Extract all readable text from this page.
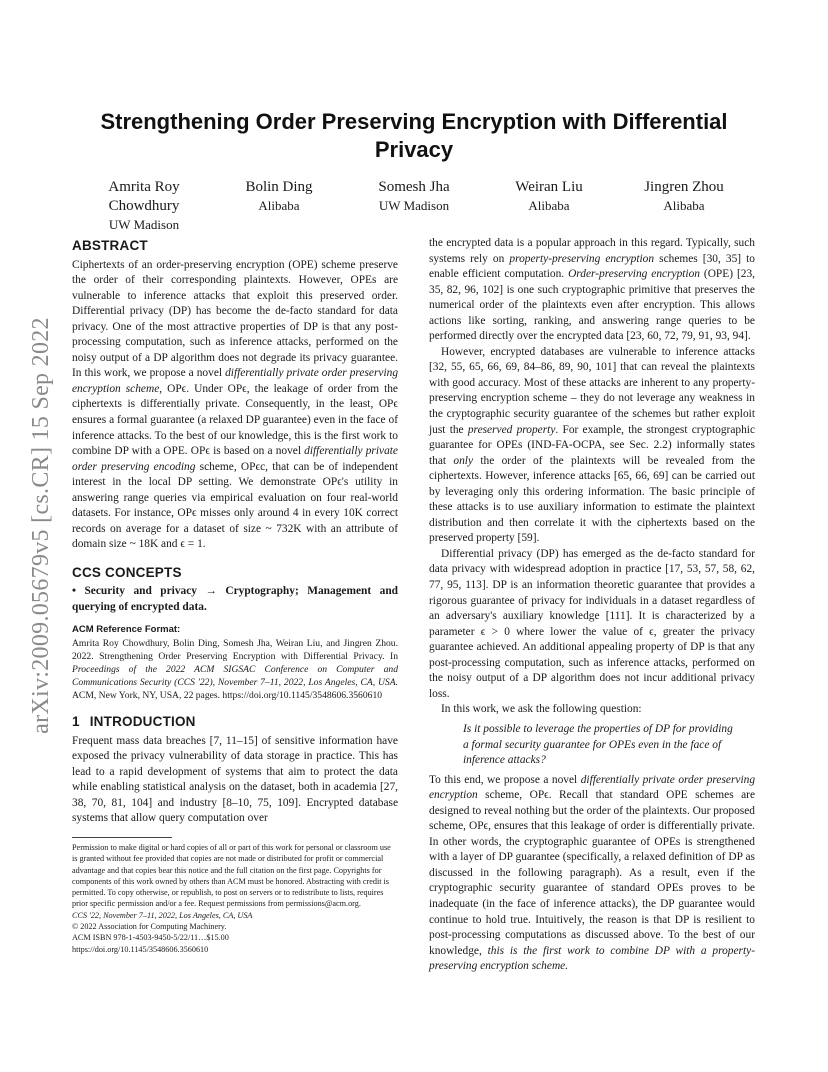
arXiv:2009.05679v5 [cs.CR] 15 Sep 2022
Strengthening Order Preserving Encryption with Differential Privacy
Amrita Roy Chowdhury
UW Madison
Bolin Ding
Alibaba
Somesh Jha
UW Madison
Weiran Liu
Alibaba
Jingren Zhou
Alibaba
ABSTRACT

Ciphertexts of an order-preserving encryption (OPE) scheme preserve the order of their corresponding plaintexts. However, OPEs are vulnerable to inference attacks that exploit this preserved order. Differential privacy (DP) has become the de-facto standard for data privacy. One of the most attractive properties of DP is that any post-processing computation, such as inference attacks, performed on the noisy output of a DP algorithm does not degrade its privacy guarantee. In this work, we propose a novel differentially private order preserving encryption scheme, OPϵ. Under OPϵ, the leakage of order from the ciphertexts is differentially private. Consequently, in the least, OPϵ ensures a formal guarantee (a relaxed DP guarantee) even in the face of inference attacks. To the best of our knowledge, this is the first work to combine DP with a OPE. OPϵ is based on a novel differentially private order preserving encoding scheme, OPϵc, that can be of independent interest in the local DP setting. We demonstrate OPϵ's utility in answering range queries via empirical evaluation on four real-world datasets. For instance, OPϵ misses only around 4 in every 10K correct records on average for a dataset of size ~ 732K with an attribute of domain size ~ 18K and ϵ = 1.

CCS CONCEPTS

• Security and privacy → Cryptography; Management and querying of encrypted data.

ACM Reference Format:

Amrita Roy Chowdhury, Bolin Ding, Somesh Jha, Weiran Liu, and Jingren Zhou. 2022. Strengthening Order Preserving Encryption with Differential Privacy. In Proceedings of the 2022 ACM SIGSAC Conference on Computer and Communications Security (CCS '22), November 7–11, 2022, Los Angeles, CA, USA. ACM, New York, NY, USA, 22 pages. https://doi.org/10.1145/3548606.3560610

1 INTRODUCTION

Frequent mass data breaches [7, 11–15] of sensitive information have exposed the privacy vulnerability of data storage in practice. This has lead to a rapid development of systems that aim to protect the data while enabling statistical analysis on the dataset, both in academia [27, 38, 70, 81, 104] and industry [8–10, 75, 109]. Encrypted database systems that allow query computation over

Permission to make digital or hard copies of all or part of this work for personal or classroom use is granted without fee provided that copies are not made or distributed for profit or commercial advantage and that copies bear this notice and the full citation on the first page. Copyrights for components of this work owned by others than ACM must be honored. Abstracting with credit is permitted. To copy otherwise, or republish, to post on servers or to redistribute to lists, requires prior specific permission and/or a fee. Request permissions from permissions@acm.org.
CCS '22, November 7–11, 2022, Los Angeles, CA, USA
© 2022 Association for Computing Machinery.
ACM ISBN 978-1-4503-9450-5/22/11…$15.00
https://doi.org/10.1145/3548606.3560610

the encrypted data is a popular approach in this regard. Typically, such systems rely on property-preserving encryption schemes [30, 35] to enable efficient computation. Order-preserving encryption (OPE) [23, 35, 82, 96, 102] is one such cryptographic primitive that preserves the numerical order of the plaintexts even after encryption. This allows actions like sorting, ranking, and answering range queries to be performed directly over the encrypted data [23, 60, 72, 79, 91, 93, 94].

However, encrypted databases are vulnerable to inference attacks [32, 55, 65, 66, 69, 84–86, 89, 90, 101] that can reveal the plaintexts with good accuracy. Most of these attacks are inherent to any property-preserving encryption scheme – they do not leverage any weakness in the cryptographic security guarantee of the schemes but rather exploit just the preserved property. For example, the strongest cryptographic guarantee for OPEs (IND-FA-OCPA, see Sec. 2.2) informally states that only the order of the plaintexts will be revealed from the ciphertexts. However, inference attacks [65, 66, 69] can be carried out by leveraging only this ordering information. The basic principle of these attacks is to use auxiliary information to estimate the plaintext distribution and then correlate it with the ciphertexts based on the preserved property [59].

Differential privacy (DP) has emerged as the de-facto standard for data privacy with widespread adoption in practice [17, 53, 57, 58, 62, 77, 95, 113]. DP is an information theoretic guarantee that provides a rigorous guarantee of privacy for individuals in a dataset regardless of an adversary's auxiliary knowledge [111]. It is characterized by a parameter ϵ > 0 where lower the value of ϵ, greater the privacy guarantee achieved. An additional appealing property of DP is that any post-processing computation, such as inference attacks, performed on the noisy output of a DP algorithm does not incur additional privacy loss.

In this work, we ask the following question:

Is it possible to leverage the properties of DP for providing a formal security guarantee for OPEs even in the face of inference attacks?

To this end, we propose a novel differentially private order preserving encryption scheme, OPϵ. Recall that standard OPE schemes are designed to reveal nothing but the order of the plaintexts. Our proposed scheme, OPϵ, ensures that this leakage of order is differentially private. In other words, the cryptographic guarantee of OPEs is strengthened with a layer of DP guarantee (specifically, a relaxed definition of DP as discussed in the following paragraph). As a result, even if the cryptographic security guarantee of standard OPEs proves to be inadequate (in the face of inference attacks), the DP guarantee would continue to hold true. Intuitively, the reason is that DP is resilient to post-processing computations as discussed above. To the best of our knowledge, this is the first work to combine DP with a property-preserving encryption scheme.
